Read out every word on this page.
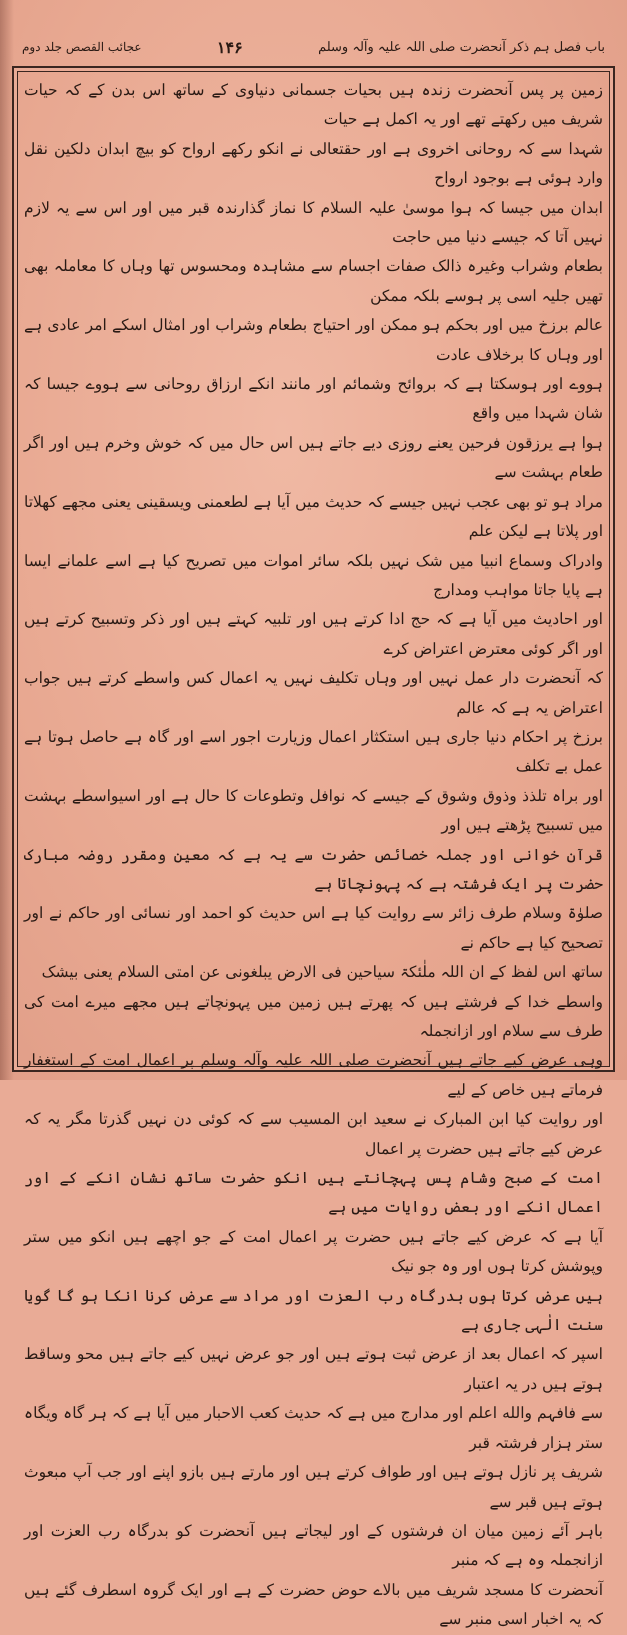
باب فصل ہم ذکر آنحضرت صلی اللہ علیہ وآلہ وسلم
۱۴۶
عجائب القصص جلد دوم

زمین پر پس آنحضرت زندہ ہیں بحیات جسمانی دنیاوی کے ساتھ اس بدن کے کہ حیات شریف میں رکھتے تھے اور یہ اکمل ہے حیات

شہدا سے کہ روحانی اخروی ہے اور حقتعالی نے انکو رکھے ارواح کو بیچ ابدان دلکین نقل وارد ہوئی ہے بوجود ارواح

ابدان میں جیسا کہ ہوا موسیٰ علیہ السلام کا نماز گذارندہ قبر میں اور اس سے یہ لازم نہیں آتا کہ جیسے دنیا میں حاجت

بطعام وشراب وغیرہ ذالک صفات اجسام سے مشاہدہ ومحسوس تھا وہاں کا معاملہ بھی تھیں جلیہ اسی پر ہوسے بلکہ ممکن

عالم برزخ میں اور بحکم ہو ممکن اور احتیاج بطعام وشراب اور امثال اسکے امر عادی ہے اور وہاں کا برخلاف عادت

ہووے اور ہوسکتا ہے کہ بروائح وشمائم اور مانند انکے ارزاق روحانی سے ہووے جیسا کہ شان شہدا میں واقع

ہوا ہے یرزقون فرحین یعنے روزی دیے جاتے ہیں اس حال میں کہ خوش وخرم ہیں اور اگر طعام بہشت سے

مراد ہو تو بھی عجب نہیں جیسے کہ حدیث میں آیا ہے لطعمنی ویسقینی یعنی مجھے کھلاتا اور پلاتا ہے لیکن علم

وادراک وسماع انبیا میں شک نہیں بلکہ سائر اموات میں تصریح کیا ہے اسے علمانے ایسا ہے پایا جاتا مواہب ومدارج

اور احادیث میں آیا ہے کہ حج ادا کرتے ہیں اور تلبیہ کہتے ہیں اور ذکر وتسبیح کرتے ہیں اور اگر کوئی معترض اعتراض کرے

کہ آنحضرت دار عمل نہیں اور وہاں تکلیف نہیں یہ اعمال کس واسطے کرتے ہیں جواب اعتراض یہ ہے کہ عالم

برزخ پر احکام دنیا جاری ہیں استکثار اعمال وزیارت اجور اسے اور گاہ ہے حاصل ہوتا ہے عمل بے تکلف

اور براہ تلذذ وذوق وشوق کے جیسے کہ نوافل وتطوعات کا حال ہے اور اسیواسطے بہشت میں تسبیح پڑھتے ہیں اور

قرآن خوانی اور جملہ خصائص حضرت سے یہ ہے کہ معین ومقرر روضہ مبارک حضرت پر ایک فرشتہ ہے کہ پہونچاتا ہے

صلوٰۃ وسلام طرف زائر سے روایت کیا ہے اس حدیث کو احمد اور نسائی اور حاکم نے اور تصحیح کیا ہے حاکم نے

ساتھ اس لفظ کے ان اللہ ملٰئکۃ سیاحین فی الارض یبلغونی عن امتی السلام یعنی بیشک

واسطے خدا کے فرشتے ہیں کہ پھرتے ہیں زمین میں پہونچاتے ہیں مجھے میرے امت کی طرف سے سلام اور ازانجملہ

وہی عرض کیے جاتے ہیں آنحضرت صلی اللہ علیہ وآلہ وسلم پر اعمال امت کے استغفار فرماتے ہیں خاص کے لیے

اور روایت کیا ابن المبارک نے سعید ابن المسیب سے کہ کوئی دن نہیں گذرتا مگر یہ کہ عرض کیے جاتے ہیں حضرت پر اعمال

امت کے صبح وشام پس پہچانتے ہیں انکو حضرت ساتھ نشان انکے کے اور اعمال انکے اور بعض روایات میں ہے

آیا ہے کہ عرض کیے جاتے ہیں حضرت پر اعمال امت کے جو اچھے ہیں انکو میں ستر وپوشش کرتا ہوں اور وہ جو نیک

ہیں عرض کرتا ہوں بدرگاہ رب العزت اور مراد سے عرض کرنا انکا ہو گا گویا سنت الٰہی جاری ہے

اسپر کہ اعمال بعد از عرض ثبت ہوتے ہیں اور جو عرض نہیں کیے جاتے ہیں محو وساقط ہوتے ہیں در یہ اعتبار

سے فافہم والله اعلم اور مدارج میں ہے کہ حدیث کعب الاحبار میں آیا ہے کہ ہر گاہ ویگاہ ستر ہزار فرشتہ قبر

شریف پر نازل ہوتے ہیں اور طواف کرتے ہیں اور مارتے ہیں بازو اپنے اور جب آپ مبعوث ہوتے ہیں قبر سے

باہر آئے زمین میان ان فرشتوں کے اور لیجاتے ہیں آنحضرت کو بدرگاہ رب العزت اور ازانجملہ وہ ہے کہ منبر

آنحضرت کا مسجد شریف میں بالاے حوض حضرت کے ہے اور ایک گروہ اسطرف گئے ہیں کہ یہ اخبار اسی منبر سے
